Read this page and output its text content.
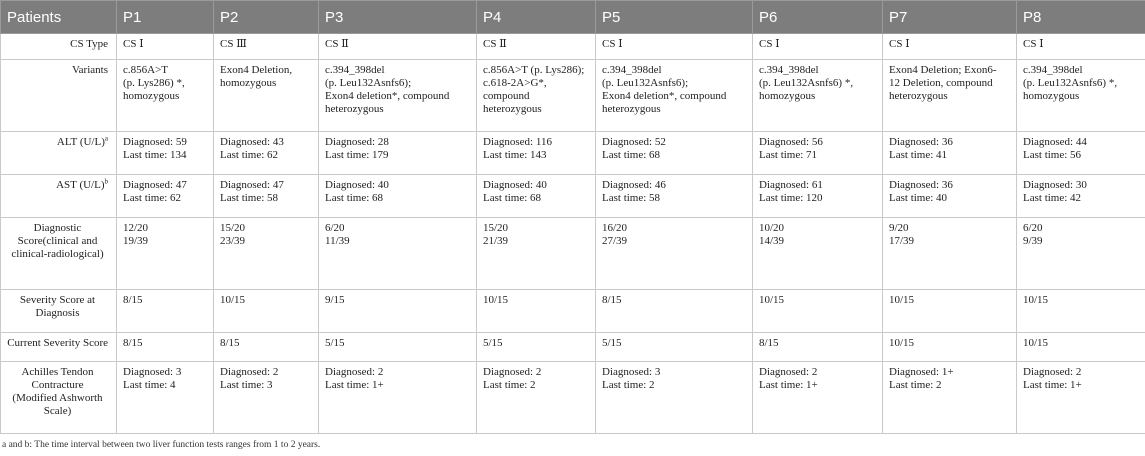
Patients	P1	P2	P3	P4	P5	P6	P7	P8
CS Type	CS Ⅰ	CS Ⅲ	CS Ⅱ	CS Ⅱ	CS Ⅰ	CS Ⅰ	CS Ⅰ	CS Ⅰ

Variants	c.856A>T
(p. Lys286) *,
homozygous	Exon4 Deletion,
homozygous	c.394_398del
(p. Leu132Asnfs6);
Exon4 deletion*, compound
heterozygous	c.856A>T (p. Lys286);
c.618-2A>G*,
compound
heterozygous	c.394_398del
(p. Leu132Asnfs6);
Exon4 deletion*, compound
heterozygous	c.394_398del
(p. Leu132Asnfs6) *,
homozygous	Exon4 Deletion; Exon6-
12 Deletion, compound
heterozygous	c.394_398del
(p. Leu132Asnfs6) *,
homozygous

ALT $(U/L)^a$	Diagnosed: 59
Last time: 134	Diagnosed: 43
Last time: 62	Diagnosed: 28
Last time: 179	Diagnosed: 116
Last time: 143	Diagnosed: 52
Last time: 68	Diagnosed: 56
Last time: 71	Diagnosed: 36
Last time: 41	Diagnosed: 44
Last time: 56

AST $(U/L)^b$	Diagnosed: 47
Last time: 62	Diagnosed: 47
Last time: 58	Diagnosed: 40
Last time: 68	Diagnosed: 40
Last time: 68	Diagnosed: 46
Last time: 58	Diagnosed: 61
Last time: 120	Diagnosed: 36
Last time: 40	Diagnosed: 30
Last time: 42

Diagnostic
Score(clinical and
clinical-radiological)	12/20
19/39	15/20
23/39	6/20
11/39	15/20
21/39	16/20
27/39	10/20
14/39	9/20
17/39	6/20
9/39

Severity Score at
Diagnosis	8/15	10/15	9/15	10/15	8/15	10/15	10/15	10/15

Current Severity Score	8/15	8/15	5/15	5/15	5/15	8/15	10/15	10/15

Achilles Tendon
Contracture
(Modified Ashworth
Scale)	Diagnosed: 3
Last time: 4	Diagnosed: 2
Last time: 3	Diagnosed: 2
Last time: 1+	Diagnosed: 2
Last time: 2	Diagnosed: 3
Last time: 2	Diagnosed: 2
Last time: 1+	Diagnosed: 1+
Last time: 2	Diagnosed: 2
Last time: 1+
a and b: The time interval between two liver function tests ranges from 1 to 2 years.
